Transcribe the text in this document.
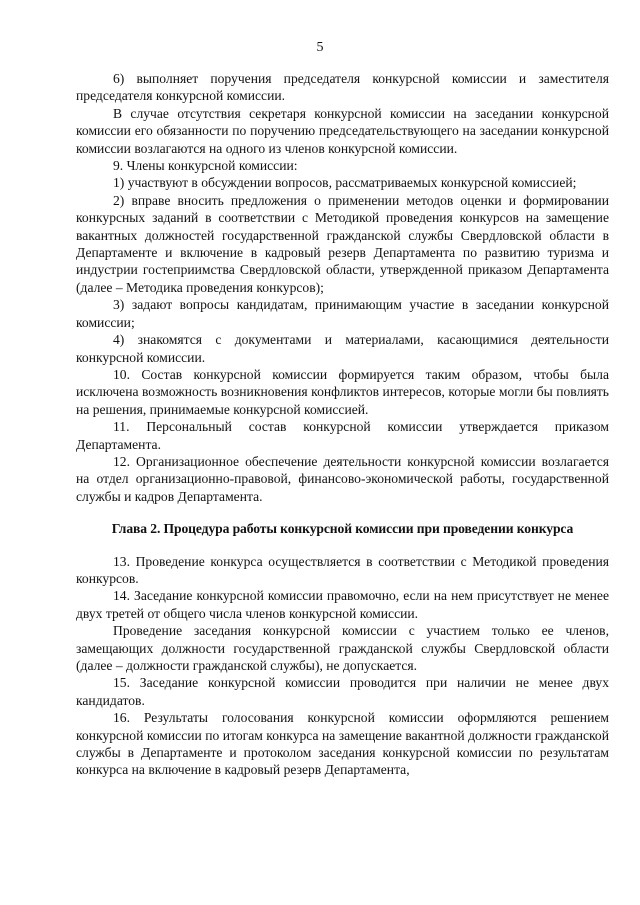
5

6) выполняет поручения председателя конкурсной комиссии и заместителя председателя конкурсной комиссии.

В случае отсутствия секретаря конкурсной комиссии на заседании конкурсной комиссии его обязанности по поручению председательствующего на заседании конкурсной комиссии возлагаются на одного из членов конкурсной комиссии.

9. Члены конкурсной комиссии:

1) участвуют в обсуждении вопросов, рассматриваемых конкурсной комиссией;

2) вправе вносить предложения о применении методов оценки и формировании конкурсных заданий в соответствии с Методикой проведения конкурсов на замещение вакантных должностей государственной гражданской службы Свердловской области в Департаменте и включение в кадровый резерв Департамента по развитию туризма и индустрии гостеприимства Свердловской области, утвержденной приказом Департамента (далее – Методика проведения конкурсов);

3) задают вопросы кандидатам, принимающим участие в заседании конкурсной комиссии;

4) знакомятся с документами и материалами, касающимися деятельности конкурсной комиссии.

10. Состав конкурсной комиссии формируется таким образом, чтобы была исключена возможность возникновения конфликтов интересов, которые могли бы повлиять на решения, принимаемые конкурсной комиссией.

11. Персональный состав конкурсной комиссии утверждается приказом Департамента.

12. Организационное обеспечение деятельности конкурсной комиссии возлагается на отдел организационно-правовой, финансово-экономической работы, государственной службы и кадров Департамента.

Глава 2. Процедура работы конкурсной комиссии при проведении конкурса

13. Проведение конкурса осуществляется в соответствии с Методикой проведения конкурсов.

14. Заседание конкурсной комиссии правомочно, если на нем присутствует не менее двух третей от общего числа членов конкурсной комиссии.

Проведение заседания конкурсной комиссии с участием только ее членов, замещающих должности государственной гражданской службы Свердловской области (далее – должности гражданской службы), не допускается.

15. Заседание конкурсной комиссии проводится при наличии не менее двух кандидатов.

16. Результаты голосования конкурсной комиссии оформляются решением конкурсной комиссии по итогам конкурса на замещение вакантной должности гражданской службы в Департаменте и протоколом заседания конкурсной комиссии по результатам конкурса на включение в кадровый резерв Департамента,
